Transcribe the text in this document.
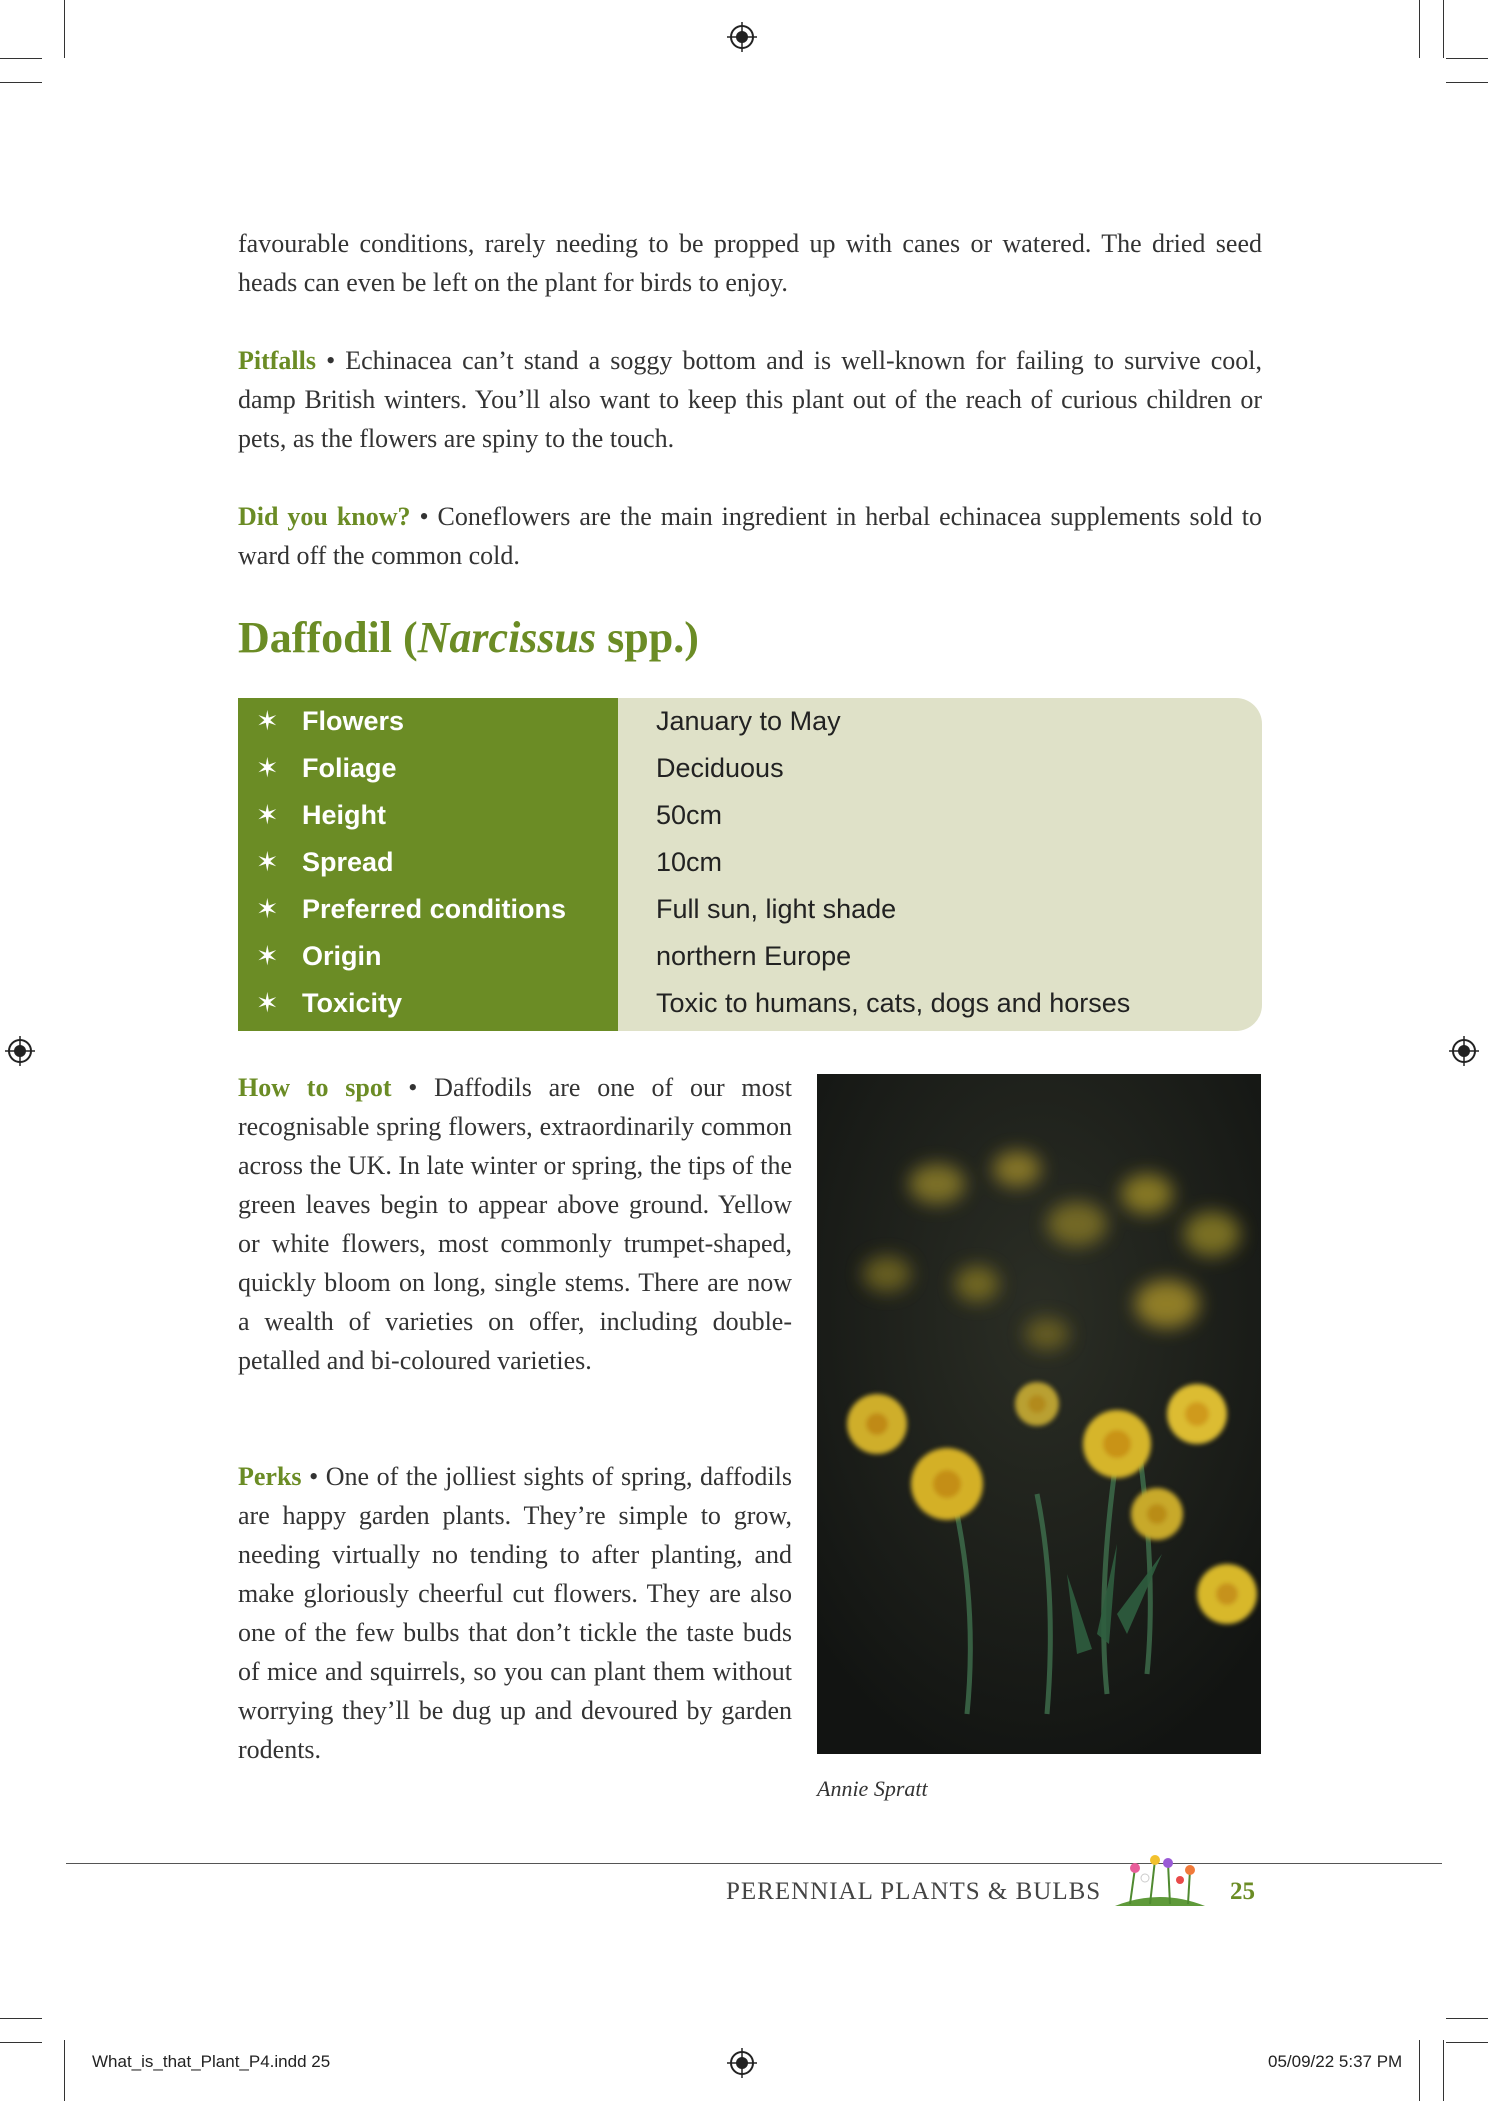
favourable conditions, rarely needing to be propped up with canes or watered. The dried seed heads can even be left on the plant for birds to enjoy.

Pitfalls • Echinacea can’t stand a soggy bottom and is well-known for failing to survive cool, damp British winters. You’ll also want to keep this plant out of the reach of curious children or pets, as the flowers are spiny to the touch.

Did you know? • Coneflowers are the main ingredient in herbal echinacea supplements sold to ward off the common cold.

Daffodil (Narcissus spp.)
✶ Flowers
✶ Foliage
✶ Height
✶ Spread
✶ Preferred conditions
✶ Origin
✶ Toxicity
January to May
Deciduous
50cm
10cm
Full sun, light shade
northern Europe
Toxic to humans, cats, dogs and horses

How to spot • Daffodils are one of our most recognisable spring flowers, extraordinarily common across the UK. In late winter or spring, the tips of the green leaves begin to appear above ground. Yellow or white flowers, most commonly trumpet-shaped, quickly bloom on long, single stems. There are now a wealth of varieties on offer, including double-petalled and bi-coloured varieties.

Perks • One of the jolliest sights of spring, daffodils are happy garden plants. They’re simple to grow, needing virtually no tending to after planting, and make gloriously cheerful cut flowers. They are also one of the few bulbs that don’t tickle the taste buds of mice and squirrels, so you can plant them without worrying they’ll be dug up and devoured by garden rodents.

Annie Spratt
PERENNIAL PLANTS & BULBS	25
What_is_that_Plant_P4.indd 25	05/09/22 5:37 PM
